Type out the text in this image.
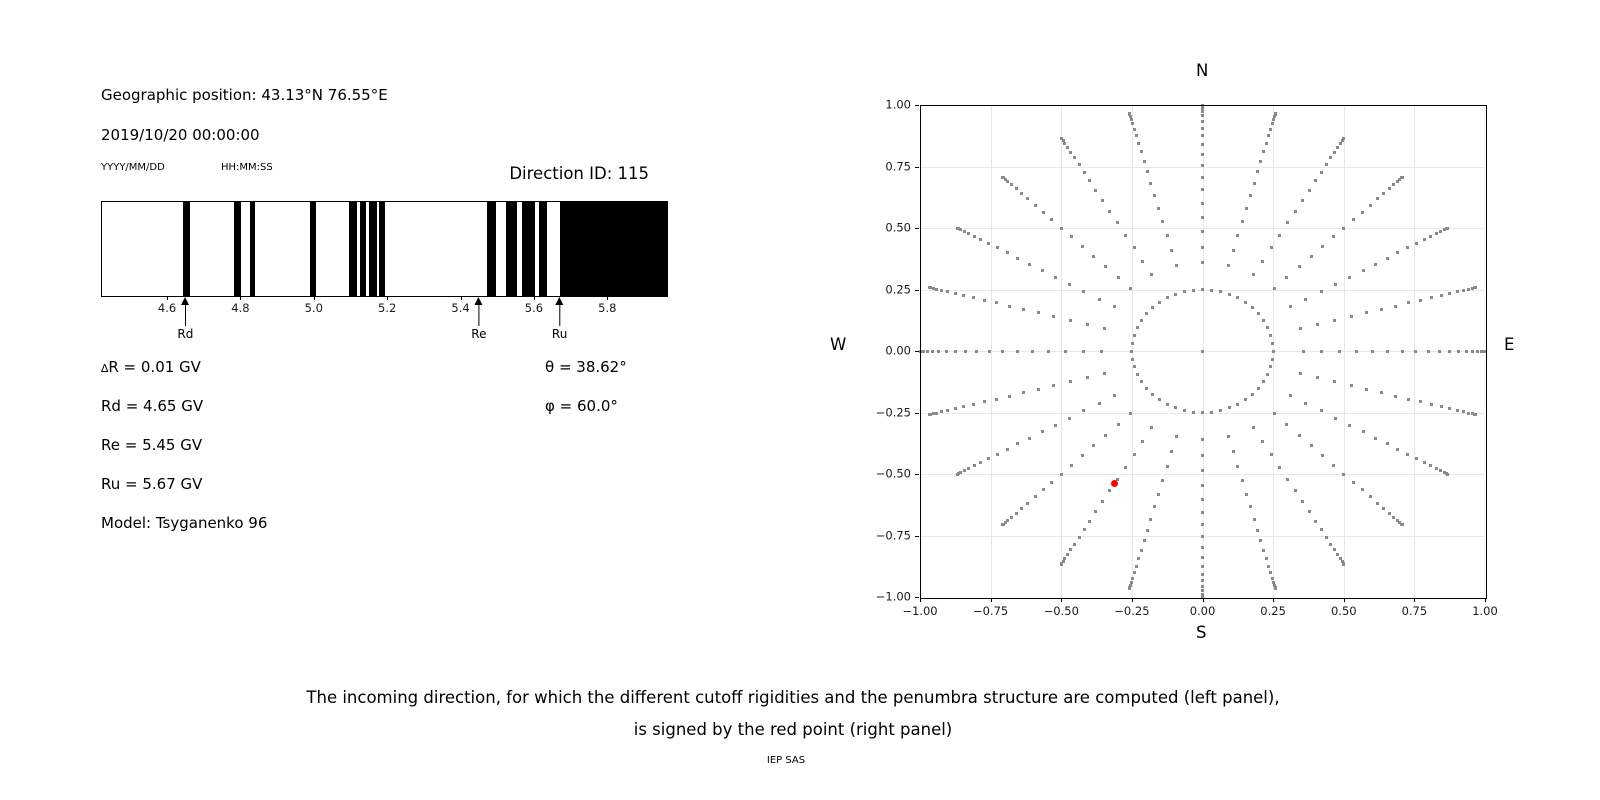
Geographic position: 43.13°N 76.55°E
2019/10/20 00:00:00
YYYY/MM/DD	HH:MM:SS	Direction ID: 115
4.6	4.8	5.0	5.2	5.4	5.6	5.8
Rd	Re	Ru
∆R = 0.01 GV
Rd = 4.65 GV
Re = 5.45 GV
Ru = 5.67 GV
Model: Tsyganenko 96
θ = 38.62°
φ = 60.0°
−1.00	−0.75	−0.50	−0.25	0.00	0.25	0.50	0.75	1.00
−1.00
−0.75
−0.50
−0.25
0.00
0.25
0.50
0.75
1.00
N
S
W	E
The incoming direction, for which the different cutoff rigidities and the penumbra structure are computed (left panel),
is signed by the red point (right panel)
IEP SAS
